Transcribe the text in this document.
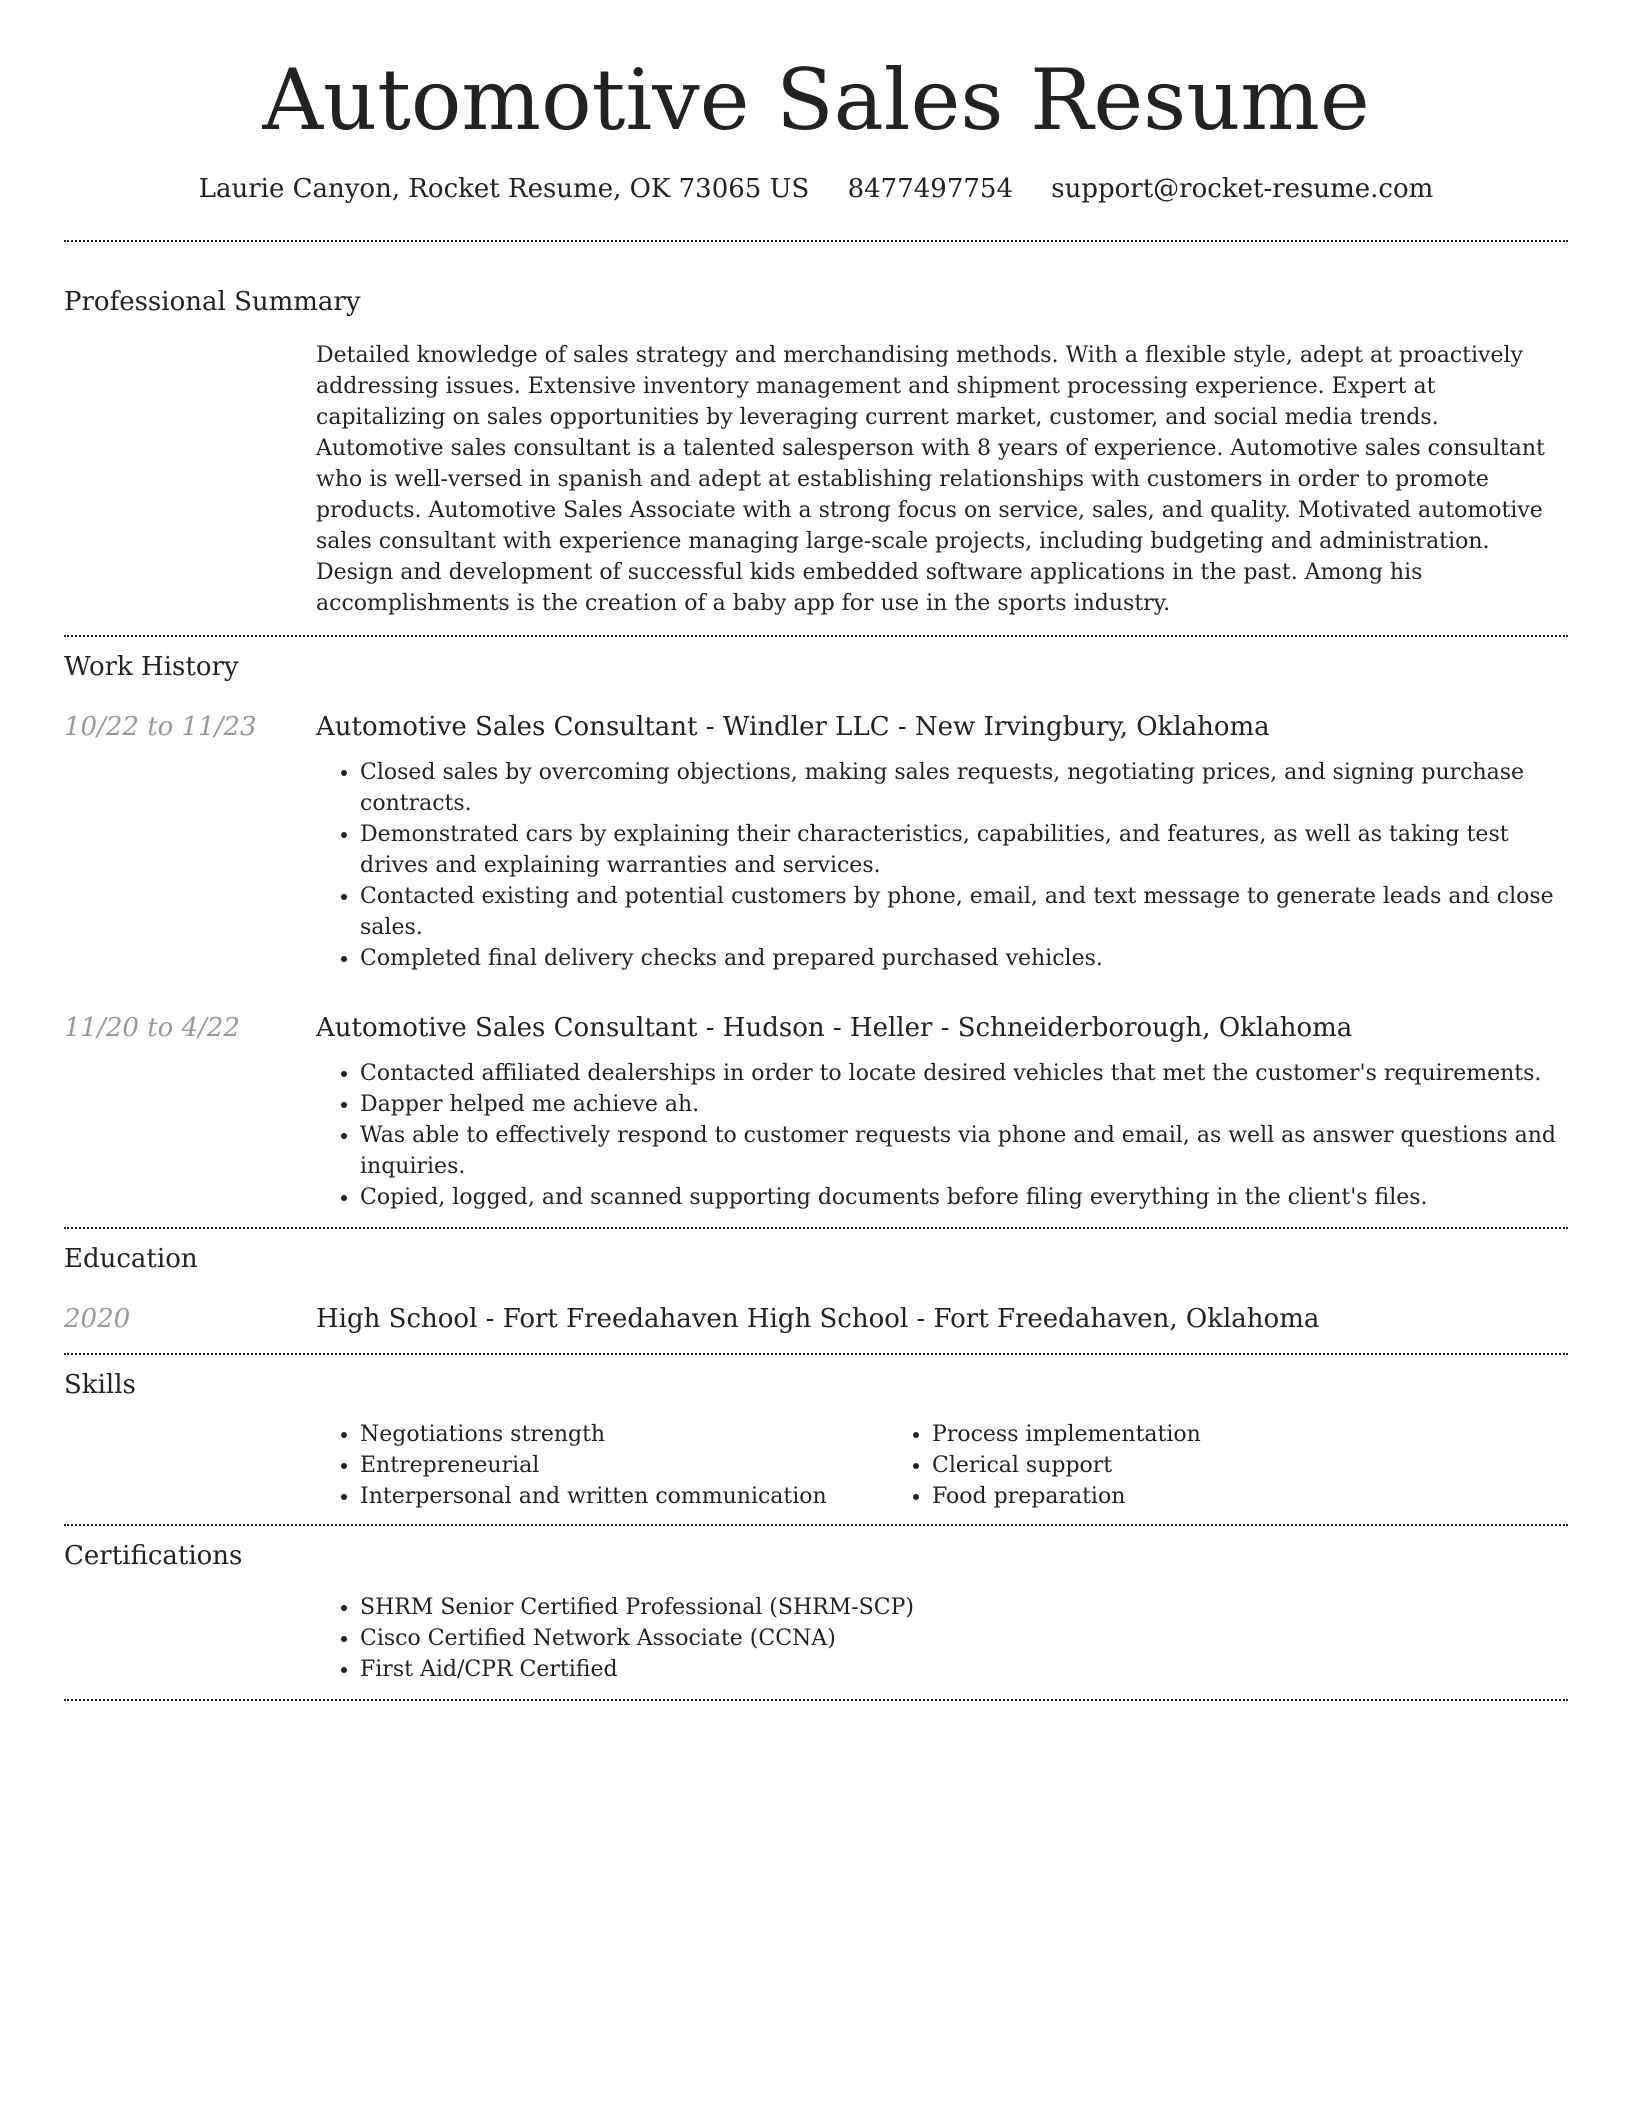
Automotive Sales Resume
Laurie Canyon, Rocket Resume, OK 73065 US 8477497754 support@rocket-resume.com
Professional Summary

Detailed knowledge of sales strategy and merchandising methods. With a flexible style, adept at proactively addressing issues. Extensive inventory management and shipment processing experience. Expert at capitalizing on sales opportunities by leveraging current market, customer, and social media trends. Automotive sales consultant is a talented salesperson with 8 years of experience. Automotive sales consultant who is well-versed in spanish and adept at establishing relationships with customers in order to promote products. Automotive Sales Associate with a strong focus on service, sales, and quality. Motivated automotive sales consultant with experience managing large-scale projects, including budgeting and administration. Design and development of successful kids embedded software applications in the past. Among his accomplishments is the creation of a baby app for use in the sports industry.

Work History
10/22 to 11/23	Automotive Sales Consultant - Windler LLC - New Irvingbury, Oklahoma
• Closed sales by overcoming objections, making sales requests, negotiating prices, and signing purchase contracts.
• Demonstrated cars by explaining their characteristics, capabilities, and features, as well as taking test drives and explaining warranties and services.
• Contacted existing and potential customers by phone, email, and text message to generate leads and close sales.
• Completed final delivery checks and prepared purchased vehicles.
11/20 to 4/22	Automotive Sales Consultant - Hudson - Heller - Schneiderborough, Oklahoma
• Contacted affiliated dealerships in order to locate desired vehicles that met the customer's requirements.
• Dapper helped me achieve ah.
• Was able to effectively respond to customer requests via phone and email, as well as answer questions and inquiries.
• Copied, logged, and scanned supporting documents before filing everything in the client's files.
Education
2020	High School - Fort Freedahaven High School - Fort Freedahaven, Oklahoma
Skills
• Negotiations strength
• Entrepreneurial
• Interpersonal and written communication
• Process implementation
• Clerical support
• Food preparation
Certifications
• SHRM Senior Certified Professional (SHRM-SCP)
• Cisco Certified Network Associate (CCNA)
• First Aid/CPR Certified
